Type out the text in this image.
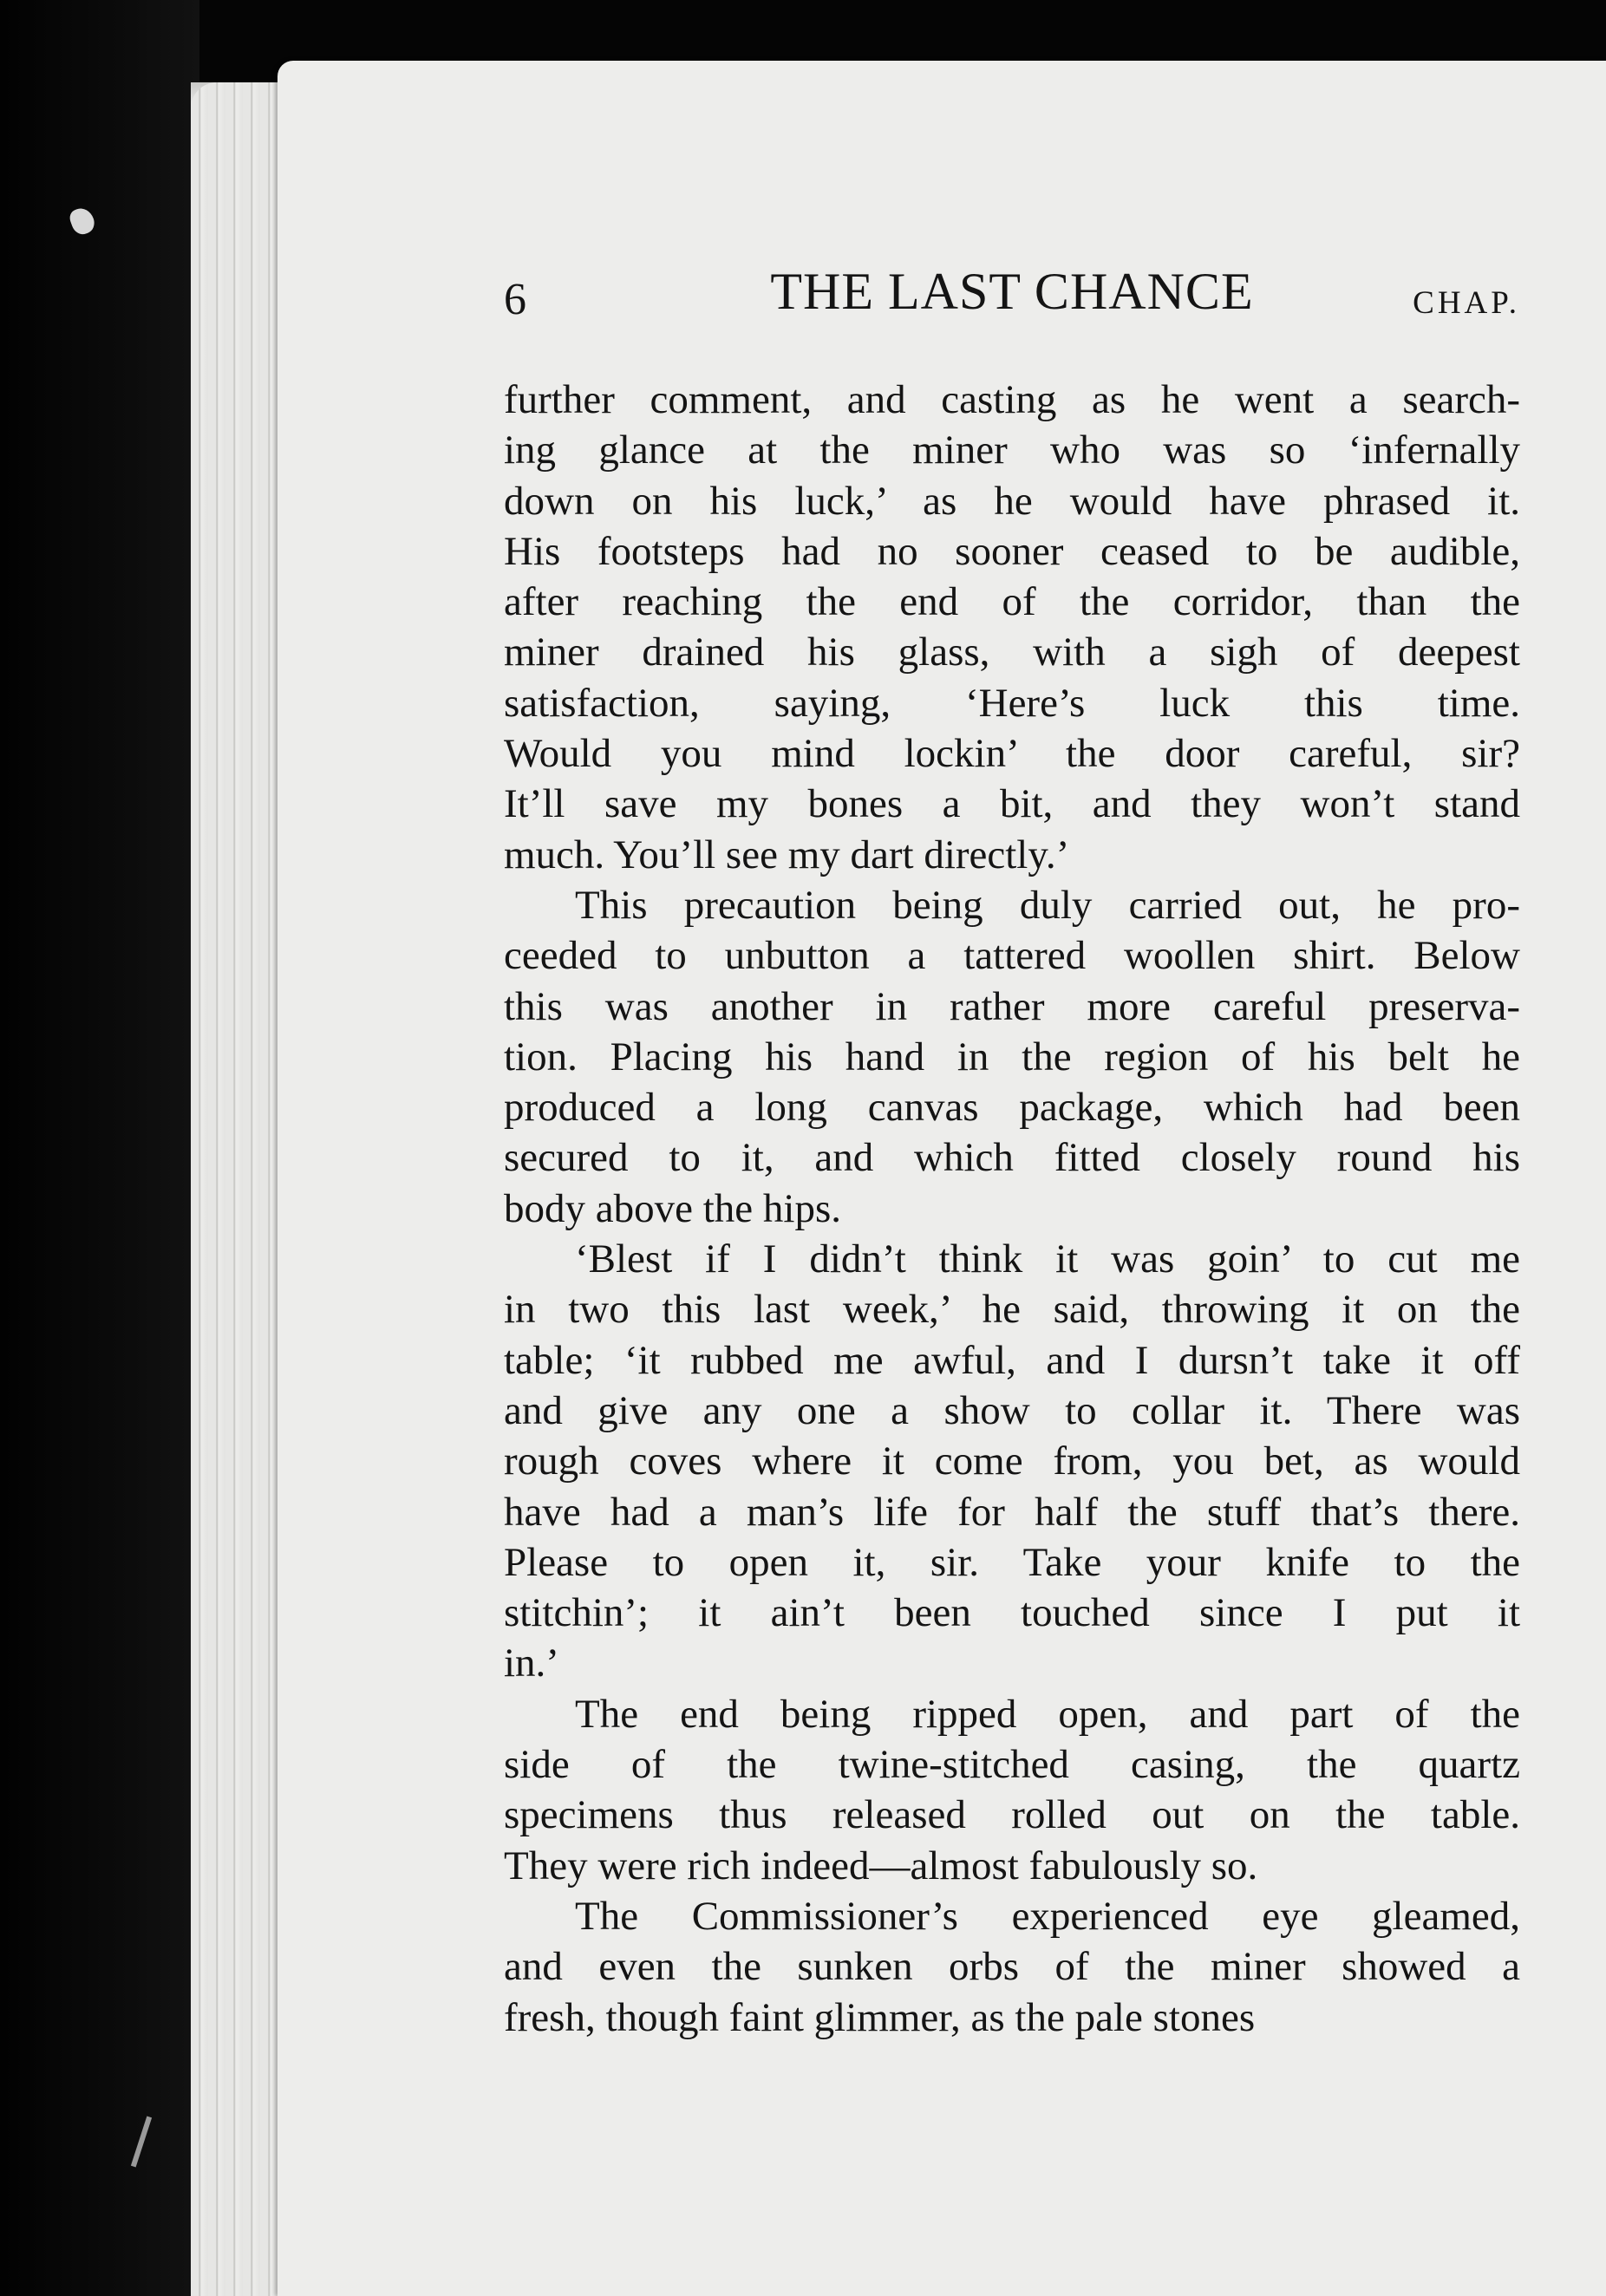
6	THE LAST CHANCE	CHAP.
further comment, and casting as he went a search-
ing glance at the miner who was so ‘infernally
down on his luck,’ as he would have phrased it.
His footsteps had no sooner ceased to be audible,
after reaching the end of the corridor, than the
miner drained his glass, with a sigh of deepest
satisfaction, saying, ‘Here’s luck this time.
Would you mind lockin’ the door careful, sir?
It’ll save my bones a bit, and they won’t stand
much. You’ll see my dart directly.’
This precaution being duly carried out, he pro-
ceeded to unbutton a tattered woollen shirt. Below
this was another in rather more careful preserva-
tion. Placing his hand in the region of his belt he
produced a long canvas package, which had been
secured to it, and which fitted closely round his
body above the hips.
‘Blest if I didn’t think it was goin’ to cut me
in two this last week,’ he said, throwing it on the
table; ‘it rubbed me awful, and I dursn’t take it off
and give any one a show to collar it. There was
rough coves where it come from, you bet, as would
have had a man’s life for half the stuff that’s there.
Please to open it, sir. Take your knife to the
stitchin’; it ain’t been touched since I put it
in.’
The end being ripped open, and part of the
side of the twine-stitched casing, the quartz
specimens thus released rolled out on the table.
They were rich indeed—almost fabulously so.
The Commissioner’s experienced eye gleamed,
and even the sunken orbs of the miner showed a
fresh, though faint glimmer, as the pale stones
